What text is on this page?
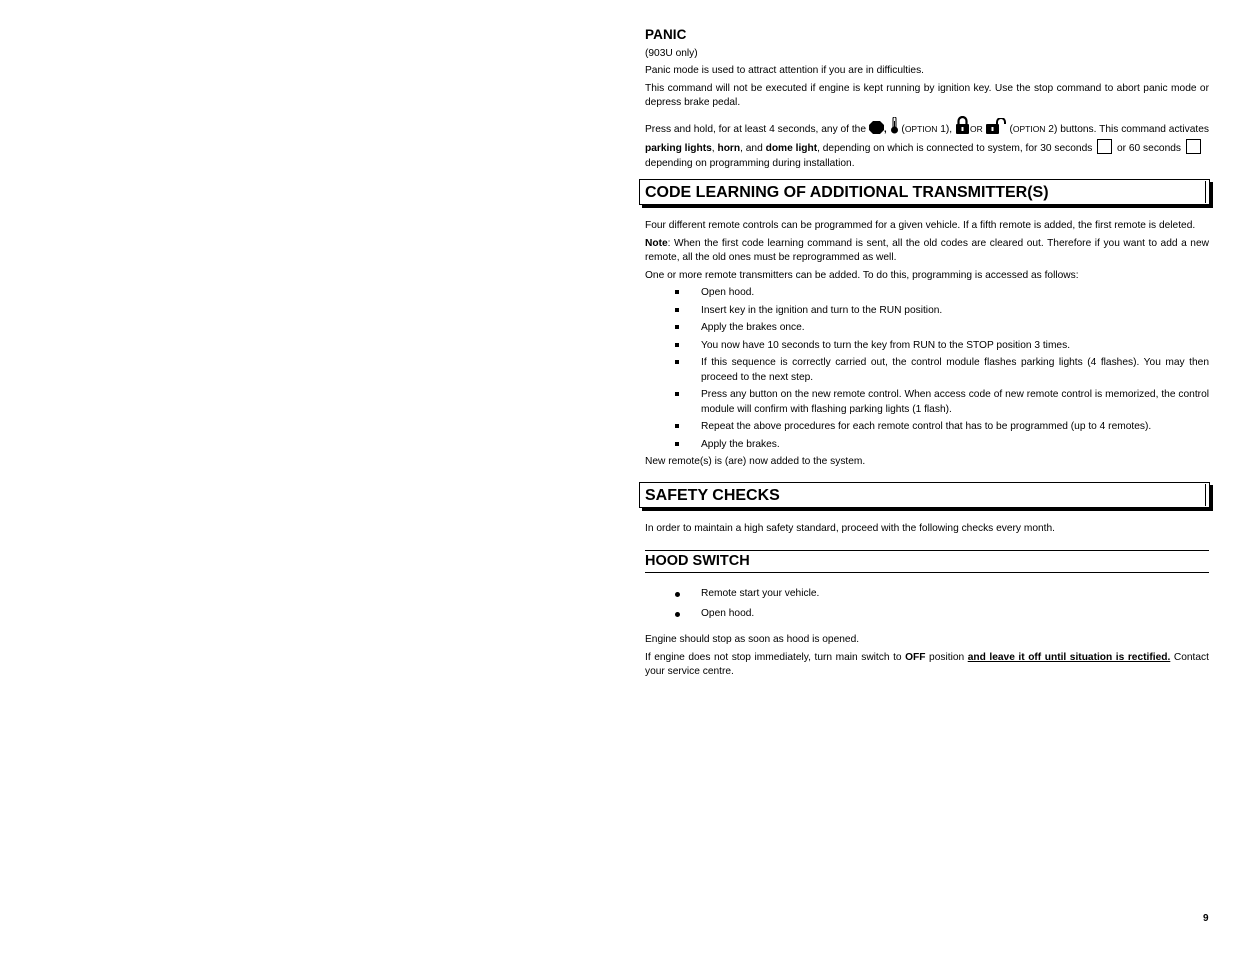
PANIC

(903U only)

Panic mode is used to attract attention if you are in difficulties.

This command will not be executed if engine is kept running by ignition key. Use the stop command to abort panic mode or depress brake pedal.

Press and hold, for at least 4 seconds, any of the ,  (OPTION 1), OR  (OPTION 2) buttons. This command activates parking lights, horn, and dome light, depending on which is connected to system, for 30 seconds  or 60 seconds
depending on programming during installation.

CODE LEARNING OF ADDITIONAL TRANSMITTER(S)

Four different remote controls can be programmed for a given vehicle. If a fifth remote is added, the first remote is deleted.

Note: When the first code learning command is sent, all the old codes are cleared out. Therefore if you want to add a new remote, all the old ones must be reprogrammed as well.

One or more remote transmitters can be added. To do this, programming is accessed as follows:

Open hood.
Insert key in the ignition and turn to the RUN position.
Apply the brakes once.
You now have 10 seconds to turn the key from RUN to the STOP position 3 times.
If this sequence is correctly carried out, the control module flashes parking lights (4 flashes). You may then proceed to the next step.
Press any button on the new remote control. When access code of new remote control is memorized, the control module will confirm with flashing parking lights (1 flash).
Repeat the above procedures for each remote control that has to be programmed (up to 4 remotes).
Apply the brakes.

New remote(s) is (are) now added to the system.

SAFETY CHECKS

In order to maintain a high safety standard, proceed with the following checks every month.

HOOD SWITCH
Remote start your vehicle.
Open hood.

Engine should stop as soon as hood is opened.

If engine does not stop immediately, turn main switch to OFF position and leave it off until situation is rectified. Contact your service centre.

9
